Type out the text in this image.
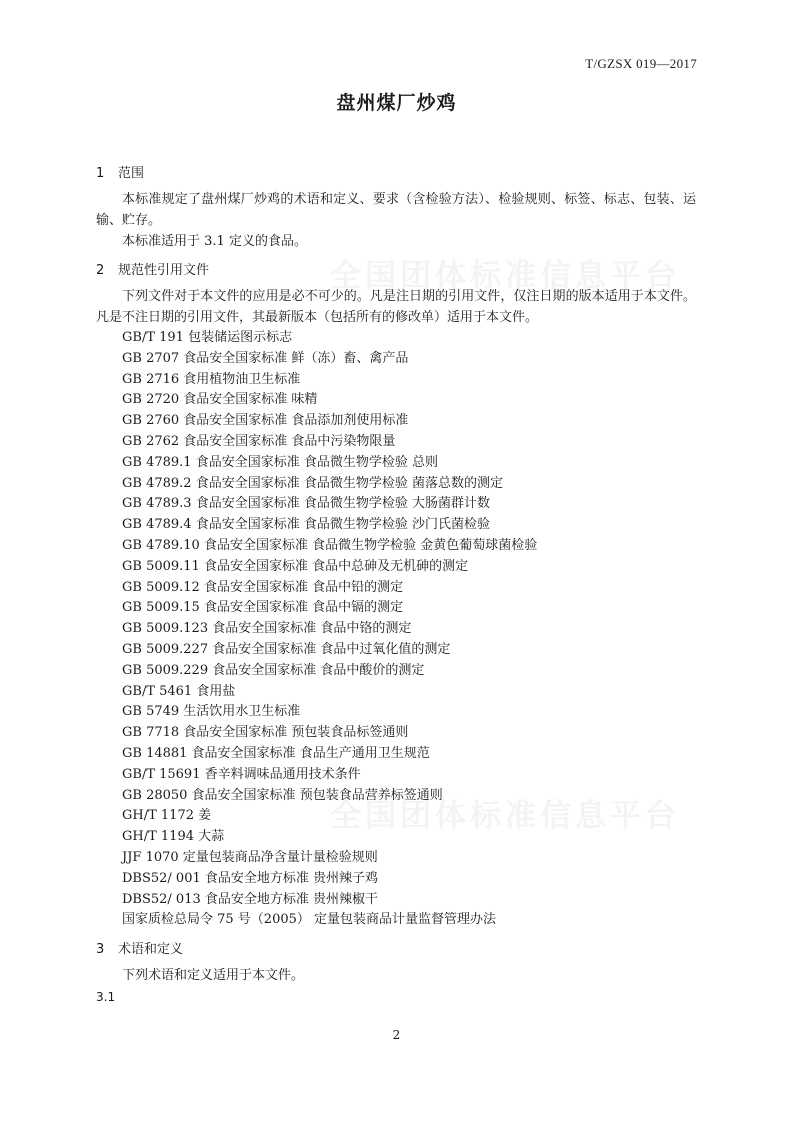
全国团体标准信息平台
全国团体标准信息平台
T/GZSX 019—2017
盘州煤厂炒鸡
1 范围

本标准规定了盘州煤厂炒鸡的术语和定义、要求（含检验方法）、检验规则、标签、标志、包装、运输、贮存。

本标准适用于 3.1 定义的食品。

2 规范性引用文件

下列文件对于本文件的应用是必不可少的。凡是注日期的引用文件，仅注日期的版本适用于本文件。凡是不注日期的引用文件，其最新版本（包括所有的修改单）适用于本文件。

GB/T 191 包装储运图示标志
GB 2707 食品安全国家标准 鲜（冻）畜、禽产品
GB 2716 食用植物油卫生标准
GB 2720 食品安全国家标准 味精
GB 2760 食品安全国家标准 食品添加剂使用标准
GB 2762 食品安全国家标准 食品中污染物限量
GB 4789.1 食品安全国家标准 食品微生物学检验 总则
GB 4789.2 食品安全国家标准 食品微生物学检验 菌落总数的测定
GB 4789.3 食品安全国家标准 食品微生物学检验 大肠菌群计数
GB 4789.4 食品安全国家标准 食品微生物学检验 沙门氏菌检验
GB 4789.10 食品安全国家标准 食品微生物学检验 金黄色葡萄球菌检验
GB 5009.11 食品安全国家标准 食品中总砷及无机砷的测定
GB 5009.12 食品安全国家标准 食品中铅的测定
GB 5009.15 食品安全国家标准 食品中镉的测定
GB 5009.123 食品安全国家标准 食品中铬的测定
GB 5009.227 食品安全国家标准 食品中过氧化值的测定
GB 5009.229 食品安全国家标准 食品中酸价的测定
GB/T 5461 食用盐
GB 5749 生活饮用水卫生标准
GB 7718 食品安全国家标准 预包装食品标签通则
GB 14881 食品安全国家标准 食品生产通用卫生规范
GB/T 15691 香辛料调味品通用技术条件
GB 28050 食品安全国家标准 预包装食品营养标签通则
GH/T 1172 姜
GH/T 1194 大蒜
JJF 1070 定量包装商品净含量计量检验规则
DBS52/ 001 食品安全地方标准 贵州辣子鸡
DBS52/ 013 食品安全地方标准 贵州辣椒干
国家质检总局令 75 号（2005） 定量包装商品计量监督管理办法
3 术语和定义

下列术语和定义适用于本文件。

3.1
2
